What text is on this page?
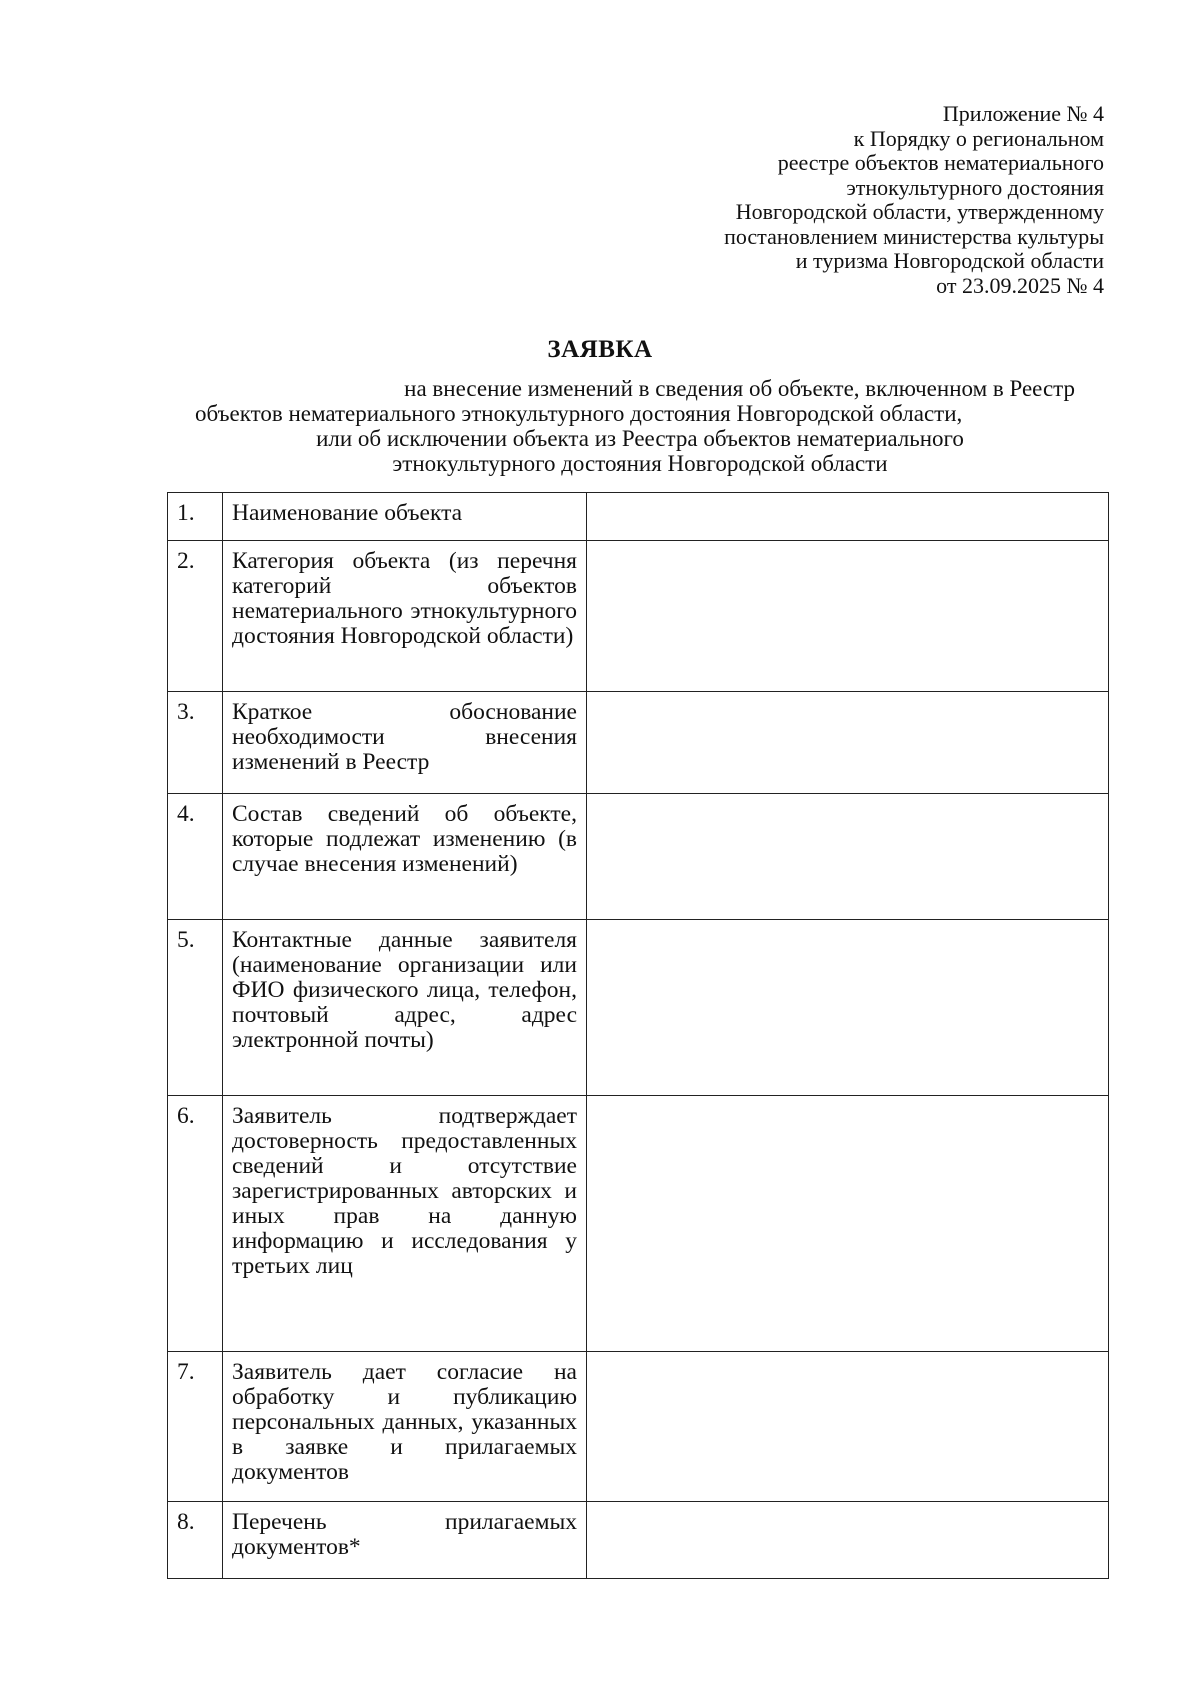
Приложение № 4
к Порядку о региональном
реестре объектов нематериального
этнокультурного достояния
Новгородской области, утвержденному
постановлением министерства культуры
и туризма Новгородской области
от 23.09.2025 № 4
ЗАЯВКА
на внесение изменений в сведения об объекте, включенном в Реестр
объектов нематериального этнокультурного достояния Новгородской области,
или об исключении объекта из Реестра объектов нематериального
этнокультурного достояния Новгородской области
1.	Наименование объекта	
2.	Категория объекта (из перечня категорий объектов нематериального этнокультурного достояния Новгородской области)	
3.	Краткое обоснование необходимости внесения изменений в Реестр	
4.	Состав сведений об объекте, которые подлежат изменению (в случае внесения изменений)	
5.	Контактные данные заявителя (наименование организации или ФИО физического лица, телефон, почтовый адрес, адрес электронной почты)	
6.	Заявитель подтверждает достоверность предоставленных сведений и отсутствие зарегистрированных авторских и иных прав на данную информацию и исследования у третьих лиц	
7.	Заявитель дает согласие на обработку и публикацию персональных данных, указанных в заявке и прилагаемых документов	
8.	Перечень прилагаемых документов*	
